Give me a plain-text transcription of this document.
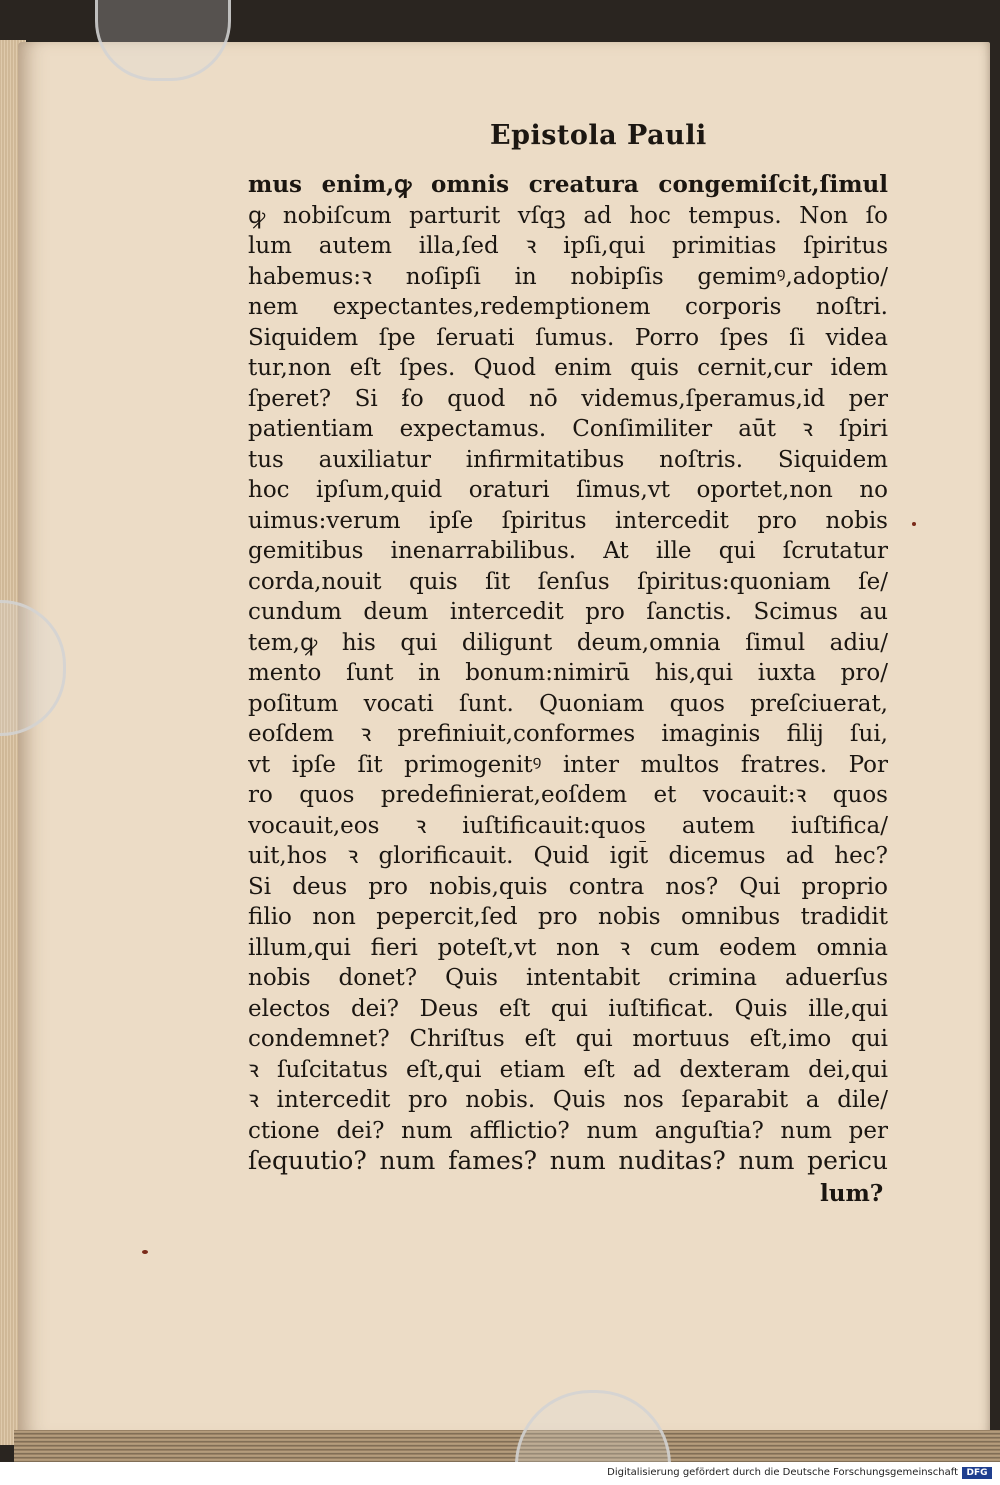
Epistola Pauli
mus enim,ꝙ omnis creatura congemiſcit,ſimul
ꝙ nobiſcum parturit vſqꝫ ad hoc tempus. Non ſo
lum autem illa,ſed ꝛ ipſi,qui primitias ſpiritus
habemus:ꝛ noſipſi in nobipſis gemimꝰ,adoptio/
nem expectantes,redemptionem corporis noſtri.
Siquidem ſpe ſeruati ſumus. Porro ſpes ſi videa
tur,non eſt ſpes. Quod enim quis cernit,cur idem
ſperet? Si ẜo quod nō videmus,ſperamus,id per
patientiam expectamus. Conſimiliter aūt ꝛ ſpiri
tus auxiliatur infirmitatibus noſtris. Siquidem
hoc ipſum,quid oraturi ſimus,vt oportet,non no
uimus:verum ipſe ſpiritus intercedit pro nobis
gemitibus inenarrabilibus. At ille qui ſcrutatur
corda,nouit quis ſit ſenſus ſpiritus:quoniam ſe/
cundum deum intercedit pro ſanctis. Scimus au
tem,ꝙ his qui diligunt deum,omnia ſimul adiu/
mento ſunt in bonum:nimirū his,qui iuxta pro/
poſitum vocati ſunt. Quoniam quos preſciuerat,
eoſdem ꝛ prefiniuit,conformes imaginis filij ſui,
vt ipſe ſit primogenitꝰ inter multos fratres. Por
ro quos predefinierat,eoſdem et vocauit:ꝛ quos
vocauit,eos ꝛ iuſtificauit:quos autem iuſtifica/
uit,hos ꝛ glorificauit. Quid igit̄ dicemus ad hec?
Si deus pro nobis,quis contra nos? Qui proprio
filio non pepercit,ſed pro nobis omnibus tradidit
illum,qui fieri poteſt,vt non ꝛ cum eodem omnia
nobis donet? Quis intentabit crimina aduerſus
electos dei? Deus eſt qui iuſtificat. Quis ille,qui
condemnet? Chriſtus eſt qui mortuus eſt,imo qui
ꝛ ſuſcitatus eſt,qui etiam eſt ad dexteram dei,qui
ꝛ intercedit pro nobis. Quis nos ſeparabit a dile/
ctione dei? num afflictio? num anguſtia? num per
ſequutio? num fames? num nuditas? num pericu
lum?
Digitalisierung gefördert durch die Deutsche Forschungsgemeinschaft DFG
